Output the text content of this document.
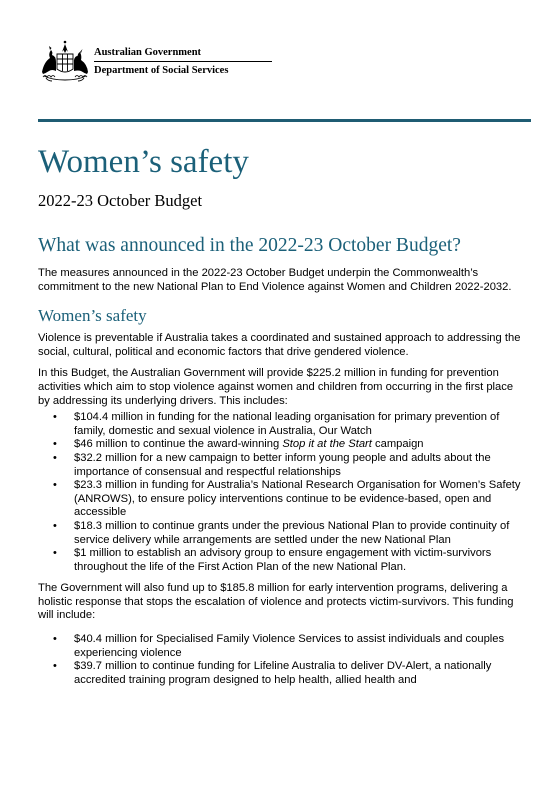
Australian Government
Department of Social Services
Women’s safety
2022-23 October Budget
What was announced in the 2022-23 October Budget?

The measures announced in the 2022-23 October Budget underpin the Commonwealth’s commitment to the new National Plan to End Violence against Women and Children 2022-2032.

Women’s safety

Violence is preventable if Australia takes a coordinated and sustained approach to addressing the social, cultural, political and economic factors that drive gendered violence.

In this Budget, the Australian Government will provide $225.2 million in funding for prevention activities which aim to stop violence against women and children from occurring in the first place by addressing its underlying drivers. This includes:

• $104.4 million in funding for the national leading organisation for primary prevention of family, domestic and sexual violence in Australia, Our Watch
• $46 million to continue the award-winning Stop it at the Start campaign
• $32.2 million for a new campaign to better inform young people and adults about the importance of consensual and respectful relationships
• $23.3 million in funding for Australia’s National Research Organisation for Women’s Safety (ANROWS), to ensure policy interventions continue to be evidence-based, open and accessible
• $18.3 million to continue grants under the previous National Plan to provide continuity of service delivery while arrangements are settled under the new National Plan
• $1 million to establish an advisory group to ensure engagement with victim-survivors throughout the life of the First Action Plan of the new National Plan.

The Government will also fund up to $185.8 million for early intervention programs, delivering a holistic response that stops the escalation of violence and protects victim-survivors. This funding will include:

• $40.4 million for Specialised Family Violence Services to assist individuals and couples experiencing violence
• $39.7 million to continue funding for Lifeline Australia to deliver DV-Alert, a nationally accredited training program designed to help health, allied health and
